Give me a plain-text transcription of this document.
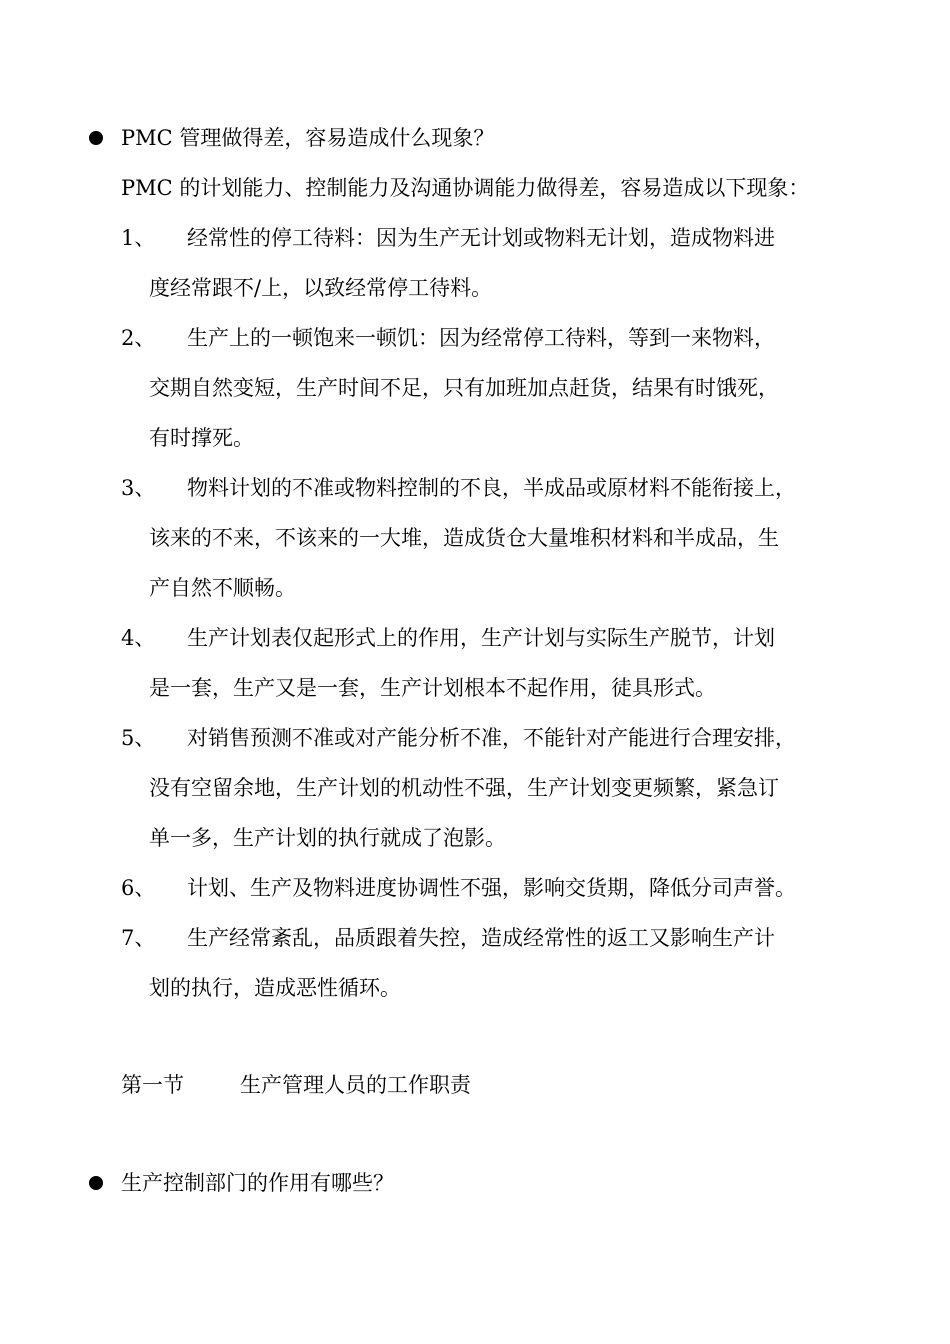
PMC 管理做得差，容易造成什么现象？
PMC 的计划能力、控制能力及沟通协调能力做得差，容易造成以下现象：
1、 经常性的停工待料：因为生产无计划或物料无计划，造成物料进
度经常跟不/上，以致经常停工待料。
2、 生产上的一顿饱来一顿饥：因为经常停工待料，等到一来物料，
交期自然变短，生产时间不足，只有加班加点赶货，结果有时饿死，
有时撑死。
3、 物料计划的不准或物料控制的不良，半成品或原材料不能衔接上，
该来的不来，不该来的一大堆，造成货仓大量堆积材料和半成品，生
产自然不顺畅。
4、 生产计划表仅起形式上的作用，生产计划与实际生产脱节，计划
是一套，生产又是一套，生产计划根本不起作用，徒具形式。
5、 对销售预测不准或对产能分析不准，不能针对产能进行合理安排，
没有空留余地，生产计划的机动性不强，生产计划变更频繁，紧急订
单一多，生产计划的执行就成了泡影。
6、 计划、生产及物料进度协调性不强，影响交货期，降低分司声誉。
7、 生产经常紊乱，品质跟着失控，造成经常性的返工又影响生产计
划的执行，造成恶性循环。
第一节	生产管理人员的工作职责
生产控制部门的作用有哪些？
